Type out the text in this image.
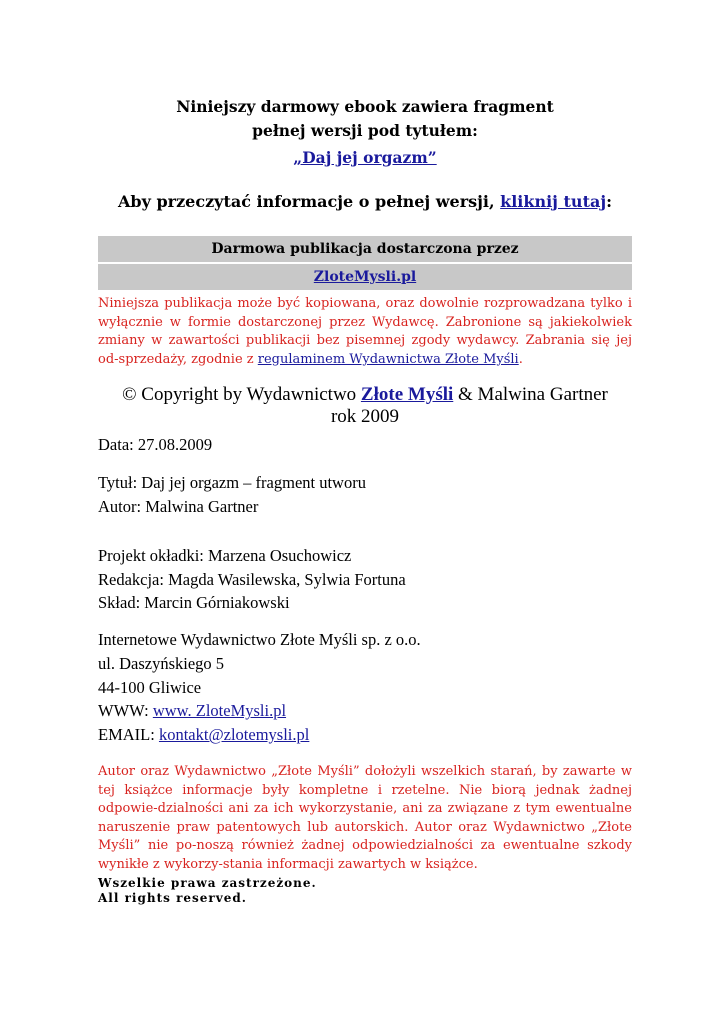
Niniejszy darmowy ebook zawiera fragment
pełnej wersji pod tytułem:
„Daj jej orgazm”
Aby przeczytać informacje o pełnej wersji, kliknij tutaj:
Darmowa publikacja dostarczona przez
ZloteMysli.pl
Niniejsza publikacja może być kopiowana, oraz dowolnie rozprowadzana tylko i wyłącznie w formie dostarczonej przez Wydawcę. Zabronione są jakiekolwiek zmiany w zawartości publikacji bez pisemnej zgody wydawcy. Zabrania się jej od-sprzedaży, zgodnie z regulaminem Wydawnictwa Złote Myśli.
© Copyright by Wydawnictwo Złote Myśli & Malwina Gartner
rok 2009
Data: 27.08.2009
Tytuł: Daj jej orgazm – fragment utworu
Autor: Malwina Gartner
Projekt okładki: Marzena Osuchowicz
Redakcja: Magda Wasilewska, Sylwia Fortuna
Skład: Marcin Górniakowski
Internetowe Wydawnictwo Złote Myśli sp. z o.o.
ul. Daszyńskiego 5
44-100 Gliwice
WWW: www. ZloteMysli.pl
EMAIL: kontakt@zlotemysli.pl
Autor oraz Wydawnictwo „Złote Myśli” dołożyli wszelkich starań, by zawarte w tej książce informacje były kompletne i rzetelne. Nie biorą jednak żadnej odpowie-dzialności ani za ich wykorzystanie, ani za związane z tym ewentualne naruszenie praw patentowych lub autorskich. Autor oraz Wydawnictwo „Złote Myśli” nie po-noszą również żadnej odpowiedzialności za ewentualne szkody wynikłe z wykorzy-stania informacji zawartych w książce.
Wszelkie prawa zastrzeżone.
All rights reserved.
